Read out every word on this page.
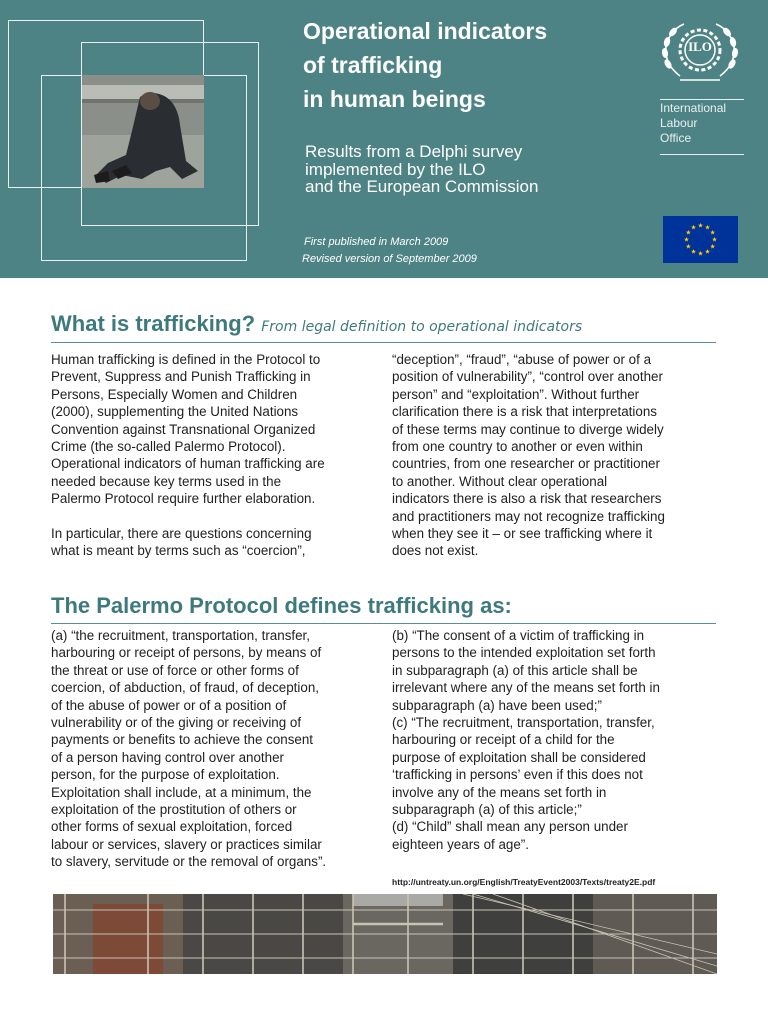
Operational indicators
of trafficking
in human beings
Results from a Delphi survey
implemented by the ILO
and the European Commission
First published in March 2009
Revised version of September 2009
ILO
International
Labour
Office
What is trafficking? From legal definition to operational indicators

Human trafficking is defined in the Protocol to

Prevent, Suppress and Punish Trafficking in

Persons, Especially Women and Children

(2000), supplementing the United Nations

Convention against Transnational Organized

Crime (the so-called Palermo Protocol).

Operational indicators of human trafficking are

needed because key terms used in the

Palermo Protocol require further elaboration.

In particular, there are questions concerning

what is meant by terms such as “coercion”,

“deception”, “fraud”, “abuse of power or of a

position of vulnerability”, “control over another

person” and “exploitation”. Without further

clarification there is a risk that interpretations

of these terms may continue to diverge widely

from one country to another or even within

countries, from one researcher or practitioner

to another. Without clear operational

indicators there is also a risk that researchers

and practitioners may not recognize trafficking

when they see it – or see trafficking where it

does not exist.

The Palermo Protocol defines trafficking as:

(a) “the recruitment, transportation, transfer,

harbouring or receipt of persons, by means of

the threat or use of force or other forms of

coercion, of abduction, of fraud, of deception,

of the abuse of power or of a position of

vulnerability or of the giving or receiving of

payments or benefits to achieve the consent

of a person having control over another

person, for the purpose of exploitation.

Exploitation shall include, at a minimum, the

exploitation of the prostitution of others or

other forms of sexual exploitation, forced

labour or services, slavery or practices similar

to slavery, servitude or the removal of organs”.

(b) “The consent of a victim of trafficking in

persons to the intended exploitation set forth

in subparagraph (a) of this article shall be

irrelevant where any of the means set forth in

subparagraph (a) have been used;”

(c) “The recruitment, transportation, transfer,

harbouring or receipt of a child for the

purpose of exploitation shall be considered

‘trafficking in persons’ even if this does not

involve any of the means set forth in

subparagraph (a) of this article;”

(d) “Child” shall mean any person under

eighteen years of age”.

http://untreaty.un.org/English/TreatyEvent2003/Texts/treaty2E.pdf
